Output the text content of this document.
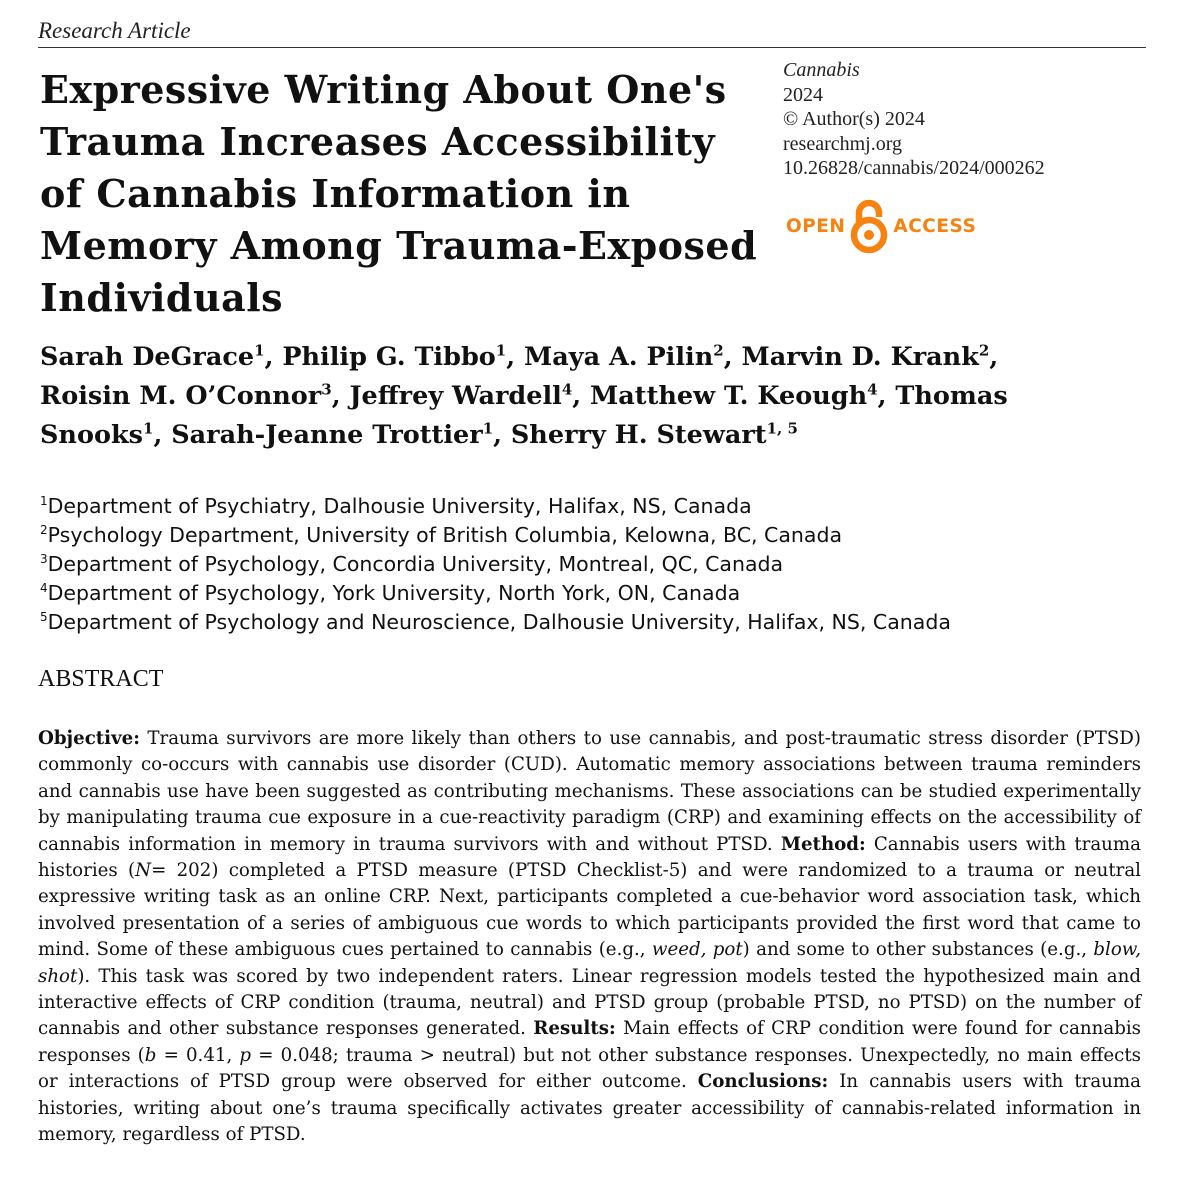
Research Article
Expressive Writing About One's Trauma Increases Accessibility of Cannabis Information in Memory Among Trauma-Exposed Individuals
Cannabis
2024
© Author(s) 2024
researchmj.org
10.26828/cannabis/2024/000262
OPEN	ACCESS

Sarah DeGrace$^1$, Philip G. Tibbo$^1$, Maya A. Pilin$^2$, Marvin D. Krank$^2$, Roisin M. O’Connor$^3$, Jeffrey Wardell$^4$, Matthew T. Keough$^4$, Thomas Snooks$^1$, Sarah-Jeanne Trottier$^1$, Sherry H. Stewart$^{1, 5}$

$^1$Department of Psychiatry, Dalhousie University, Halifax, NS, Canada
$^2$Psychology Department, University of British Columbia, Kelowna, BC, Canada
$^3$Department of Psychology, Concordia University, Montreal, QC, Canada
$^4$Department of Psychology, York University, North York, ON, Canada
$^5$Department of Psychology and Neuroscience, Dalhousie University, Halifax, NS, Canada
ABSTRACT

Objective: Trauma survivors are more likely than others to use cannabis, and post-traumatic stress disorder (PTSD) commonly co-occurs with cannabis use disorder (CUD). Automatic memory associations between trauma reminders and cannabis use have been suggested as contributing mechanisms. These associations can be studied experimentally by manipulating trauma cue exposure in a cue-reactivity paradigm (CRP) and examining effects on the accessibility of cannabis information in memory in trauma survivors with and without PTSD. Method: Cannabis users with trauma histories (N= 202) completed a PTSD measure (PTSD Checklist-5) and were randomized to a trauma or neutral expressive writing task as an online CRP. Next, participants completed a cue-behavior word association task, which involved presentation of a series of ambiguous cue words to which participants provided the first word that came to mind. Some of these ambiguous cues pertained to cannabis (e.g., weed, pot) and some to other substances (e.g., blow, shot). This task was scored by two independent raters. Linear regression models tested the hypothesized main and interactive effects of CRP condition (trauma, neutral) and PTSD group (probable PTSD, no PTSD) on the number of cannabis and other substance responses generated. Results: Main effects of CRP condition were found for cannabis responses (b = 0.41, p = 0.048; trauma > neutral) but not other substance responses. Unexpectedly, no main effects or interactions of PTSD group were observed for either outcome. Conclusions: In cannabis users with trauma histories, writing about one’s trauma specifically activates greater accessibility of cannabis-related information in memory, regardless of PTSD.
